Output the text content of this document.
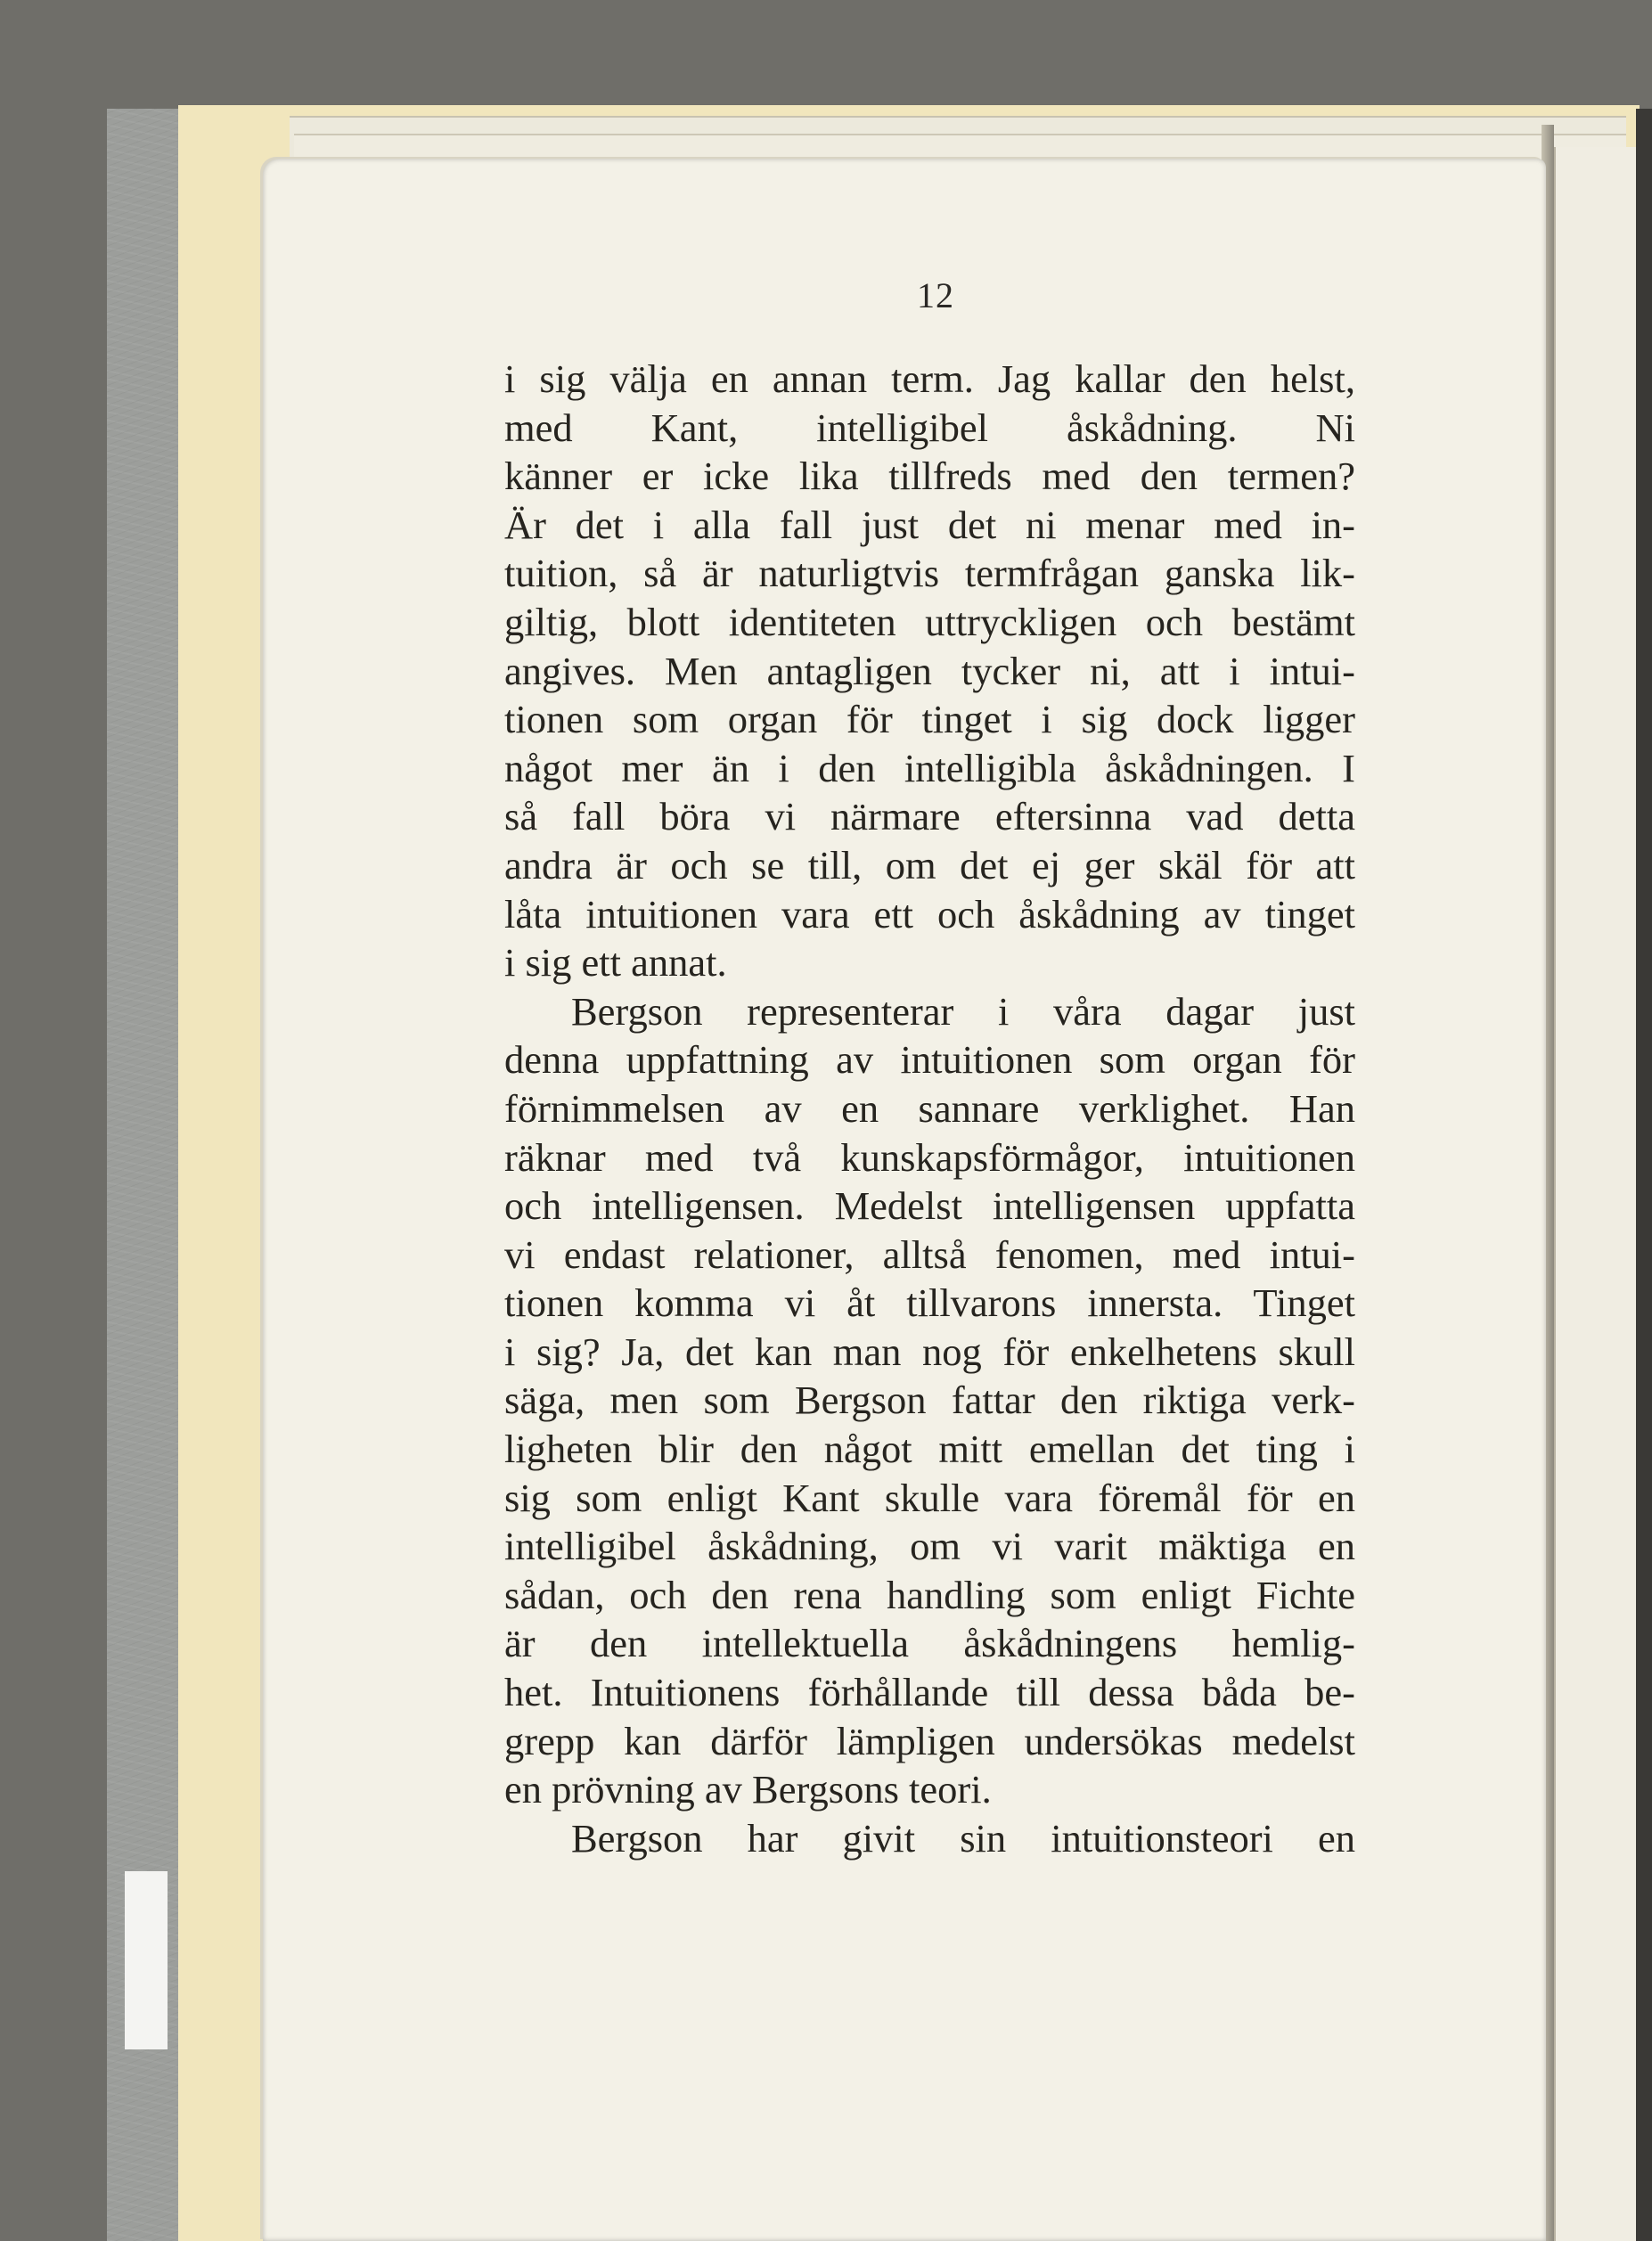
12
i sig välja en annan term. Jag kallar den helst,
med Kant, intelligibel åskådning. Ni
känner er icke lika tillfreds med den termen?
Är det i alla fall just det ni menar med in-
tuition, så är naturligtvis termfrågan ganska lik-
giltig, blott identiteten uttryckligen och bestämt
angives. Men antagligen tycker ni, att i intui-
tionen som organ för tinget i sig dock ligger
något mer än i den intelligibla åskådningen. I
så fall böra vi närmare eftersinna vad detta
andra är och se till, om det ej ger skäl för att
låta intuitionen vara ett och åskådning av tinget
i sig ett annat.
Bergson representerar i våra dagar just
denna uppfattning av intuitionen som organ för
förnimmelsen av en sannare verklighet. Han
räknar med två kunskapsförmågor, intuitionen
och intelligensen. Medelst intelligensen uppfatta
vi endast relationer, alltså fenomen, med intui-
tionen komma vi åt tillvarons innersta. Tinget
i sig? Ja, det kan man nog för enkelhetens skull
säga, men som Bergson fattar den riktiga verk-
ligheten blir den något mitt emellan det ting i
sig som enligt Kant skulle vara föremål för en
intelligibel åskådning, om vi varit mäktiga en
sådan, och den rena handling som enligt Fichte
är den intellektuella åskådningens hemlig-
het. Intuitionens förhållande till dessa båda be-
grepp kan därför lämpligen undersökas medelst
en prövning av Bergsons teori.
Bergson har givit sin intuitionsteori en
